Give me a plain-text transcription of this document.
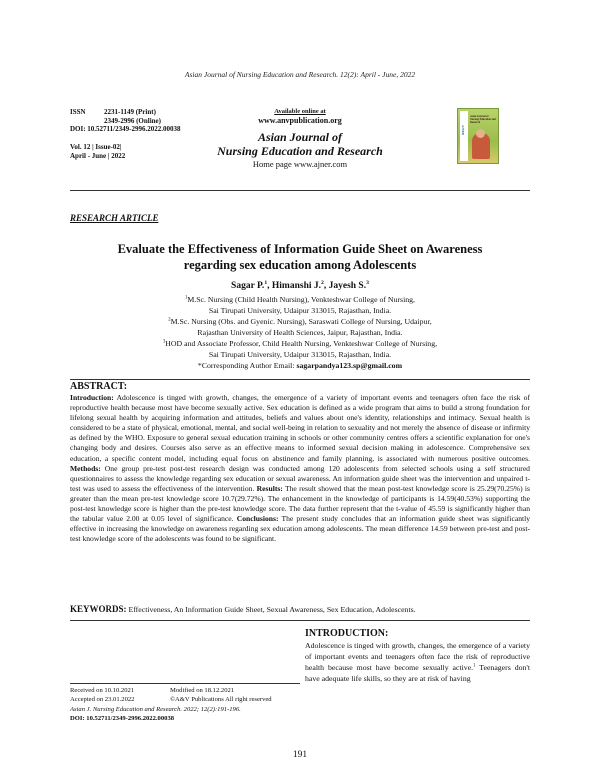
Asian Journal of Nursing Education and Research. 12(2): April - June, 2022
ISSN	2231-1149 (Print)
2349-2996 (Online)
DOI: 10.52711/2349-2996.2022.00038
Vol. 12 | Issue-02|
April - June | 2022
Available online at
www.anvpublication.org
Asian Journal of
Nursing Education and Research
Home page www.ajner.com
AJNER
Asian Journal of Nursing Education and Research
RESEARCH ARTICLE
Evaluate the Effectiveness of Information Guide Sheet on Awareness
regarding sex education among Adolescents
Sagar P.$^1$, Himanshi J.$^2$, Jayesh S.$^3$
$^1$M.Sc. Nursing (Child Health Nursing), Venkteshwar College of Nursing,
Sai Tirupati University, Udaipur 313015, Rajasthan, India.
$^2$M.Sc. Nursing (Obs. and Gyenic. Nursing), Saraswati College of Nursing, Udaipur,
Rajasthan University of Health Sciences, Jaipur, Rajasthan, India.
$^3$HOD and Associate Professor, Child Health Nursing, Venkteshwar College of Nursing,
Sai Tirupati University, Udaipur 313015, Rajasthan, India.
*Corresponding Author Email: sagarpandya123.sp@gmail.com
ABSTRACT:
Introduction: Adolescence is tinged with growth, changes, the emergence of a variety of important events and teenagers often face the risk of reproductive health because most have become sexually active. Sex education is defined as a wide program that aims to build a strong foundation for lifelong sexual health by acquiring information and attitudes, beliefs and values about one's identity, relationships and intimacy. Sexual health is considered to be a state of physical, emotional, mental, and social well-being in relation to sexuality and not merely the absence of disease or infirmity as defined by the WHO. Exposure to general sexual education training in schools or other community centres offers a scientific explanation for one's changing body and desires. Courses also serve as an effective means to informed sexual decision making in adolescence. Comprehensive sex education, a specific content model, including equal focus on abstinence and family planning, is associated with numerous positive outcomes. Methods: One group pre-test post-test research design was conducted among 120 adolescents from selected schools using a self structured questionnaires to assess the knowledge regarding sex education or sexual awareness. An information guide sheet was the intervention and unpaired t-test was used to assess the effectiveness of the intervention. Results: The result showed that the mean post-test knowledge score is 25.29(70.25%) is greater than the mean pre-test knowledge score 10.7(29.72%). The enhancement in the knowledge of participants is 14.59(40.53%) supporting the post-test knowledge score is higher than the pre-test knowledge score. The data further represent that the t-value of 45.59 is significantly higher than the tabular value 2.00 at 0.05 level of significance. Conclusions: The present study concludes that an information guide sheet was significantly effective in increasing the knowledge on awareness regarding sex education among adolescents. The mean difference 14.59 between pre-test and post-test knowledge score of the adolescents was found to be significant.
KEYWORDS: Effectiveness, An Information Guide Sheet, Sexual Awareness, Sex Education, Adolescents.
INTRODUCTION:
Adolescence is tinged with growth, changes, the emergence of a variety of important events and teenagers often face the risk of reproductive health because most have become sexually active.$^1$ Teenagers don't have adequate life skills, so they are at risk of having
Received on 10.10.2021	Modified on 18.12.2021
Accepted on 23.01.2022	©A&V Publications All right reserved
Asian J. Nursing Education and Research. 2022; 12(2):191-196.
DOI: 10.52711/2349-2996.2022.00038
191
